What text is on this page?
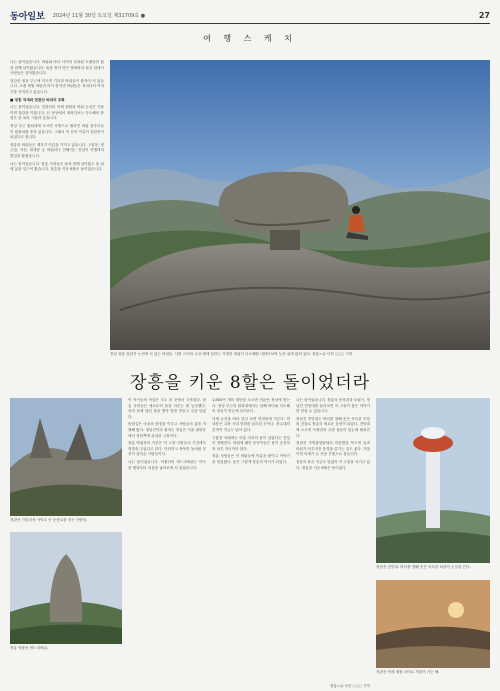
동아일보 2024년 11월 30일 토요일 제31709호 ●	27
여 행 스 케 치

나는 돌이었습니다. 바위와 바다 사이의 섬처럼 오랫동안 흙과 함께 살아왔습니다. 돌을 쌓아 만든 담벼락과 돌길 위에서 사람들은 살아왔습니다.

천관산 정상 부근에 이르면 기묘한 바위들이 줄지어 서 있습니다. 오랜 세월 바람과 비가 깎아낸 바위들은 저마다의 이야기를 간직하고 있습니다.

■ 장흥 억새와 천관산 바위의 조화

나는 돌이었습니다. 천관산의 억새 평원과 바위 능선은 가을이면 장관을 이룹니다. 산 정상에서 내려다보는 다도해의 풍경은 한 폭의 그림과 같습니다.

정상 부근 환희대에 오르면 사방으로 펼쳐진 바위 봉우리들이 왕관처럼 솟아 있습니다. 그래서 이 산의 이름이 천관산이 되었다고 합니다.

장흥의 바위들은 제각기 이름을 가지고 있습니다. 구룡봉, 양근암, 석선, 대세봉 등 바위마다 전해지는 전설이 여행객의 발길을 붙잡습니다.

나는 돌이었습니다. 장흥 사람들은 돌과 함께 살아왔고 돌 위에 삶을 일구어 왔습니다. 장흥을 키운 8할은 돌이었습니다.

전남 장흥 천관산 능선에 서 있는 바위들. 사람 크기의 수십 배에 달하는 거대한 바위가 다도해를 내려다보며 능선 위에 얹혀 있다. 장흥=글·사진 ○○○ 기자
장흥을 키운 8할은 돌이었더라
천관산 기암괴석 사이로 난 등산로를 걷는 사람들.
장흥 억불산 며느리바위.

이 작가들의 작업은 모두 한 곳에서 시작된다. 장흥 사람들은 예로부터 돌을 다루는 데 능숙했다. 산과 들에 널린 돌을 쌓아 담을 만들고 길을 닦았다.

돌담길은 마을의 풍경을 이루고 사람들의 삶을 지탱해 왔다. 정남진이라 불리는 장흥은 서울 광화문에서 정남쪽에 위치한 고장이다.

장흥 바위산의 기운은 이 고장 사람들의 기질에도 영향을 주었다고 한다. 단단하고 묵묵한 돌처럼 꿋꿋이 살아온 사람들이다.

나는 돌이었습니다. 억불산의 며느리바위는 아득한 옛날부터 마을을 굽어보며 서 있었습니다.

1,800여 개의 계단을 오르면 천관산 정상에 닿는다. 정상 부근의 환희대에서는 남해 바다와 다도해의 섬들이 한눈에 들어온다.

억새 능선을 따라 걷다 보면 연대봉에 이른다. 연대봉은 고려 시대 봉화를 올리던 곳이다. 봉수대의 흔적이 지금도 남아 있다.

구룡봉 아래에는 아홉 마리의 용이 살았다는 전설이 전해진다. 바위에 패인 웅덩이들은 용이 승천하며 남긴 자국이라 한다.

장흥 사람들은 이 바위들에 이름을 붙이고 이야기를 덧입혔다. 돌은 그렇게 장흥의 역사가 되었다.

나는 돌이었습니다. 장흥의 문학관과 보림사, 정남진 전망대를 둘러보면 이 고장이 품은 이야기를 만날 수 있습니다.

정남진 전망대는 바다를 향해 솟은 독특한 모양의 건물로 장흥의 새로운 상징이 되었다. 전망대에 오르면 득량만과 주변 섬들이 한눈에 펼쳐진다.

천관산 자연휴양림에서 하룻밤을 묵으며 숲과 바위가 어우러진 풍경을 즐기는 것도 좋다. 가을이면 억새가 온 산을 은빛으로 물들인다.

장흥의 돌은 지금도 말없이 이 고장을 지키고 있다. 장흥을 키운 8할은 돌이었다.

정남진 전망대. 바다를 향해 솟은 독특한 외관이 눈길을 끈다.
천관산 억새 평원 너머로 저물어 가는 해.
장흥=글·사진 ○○○ 기자
